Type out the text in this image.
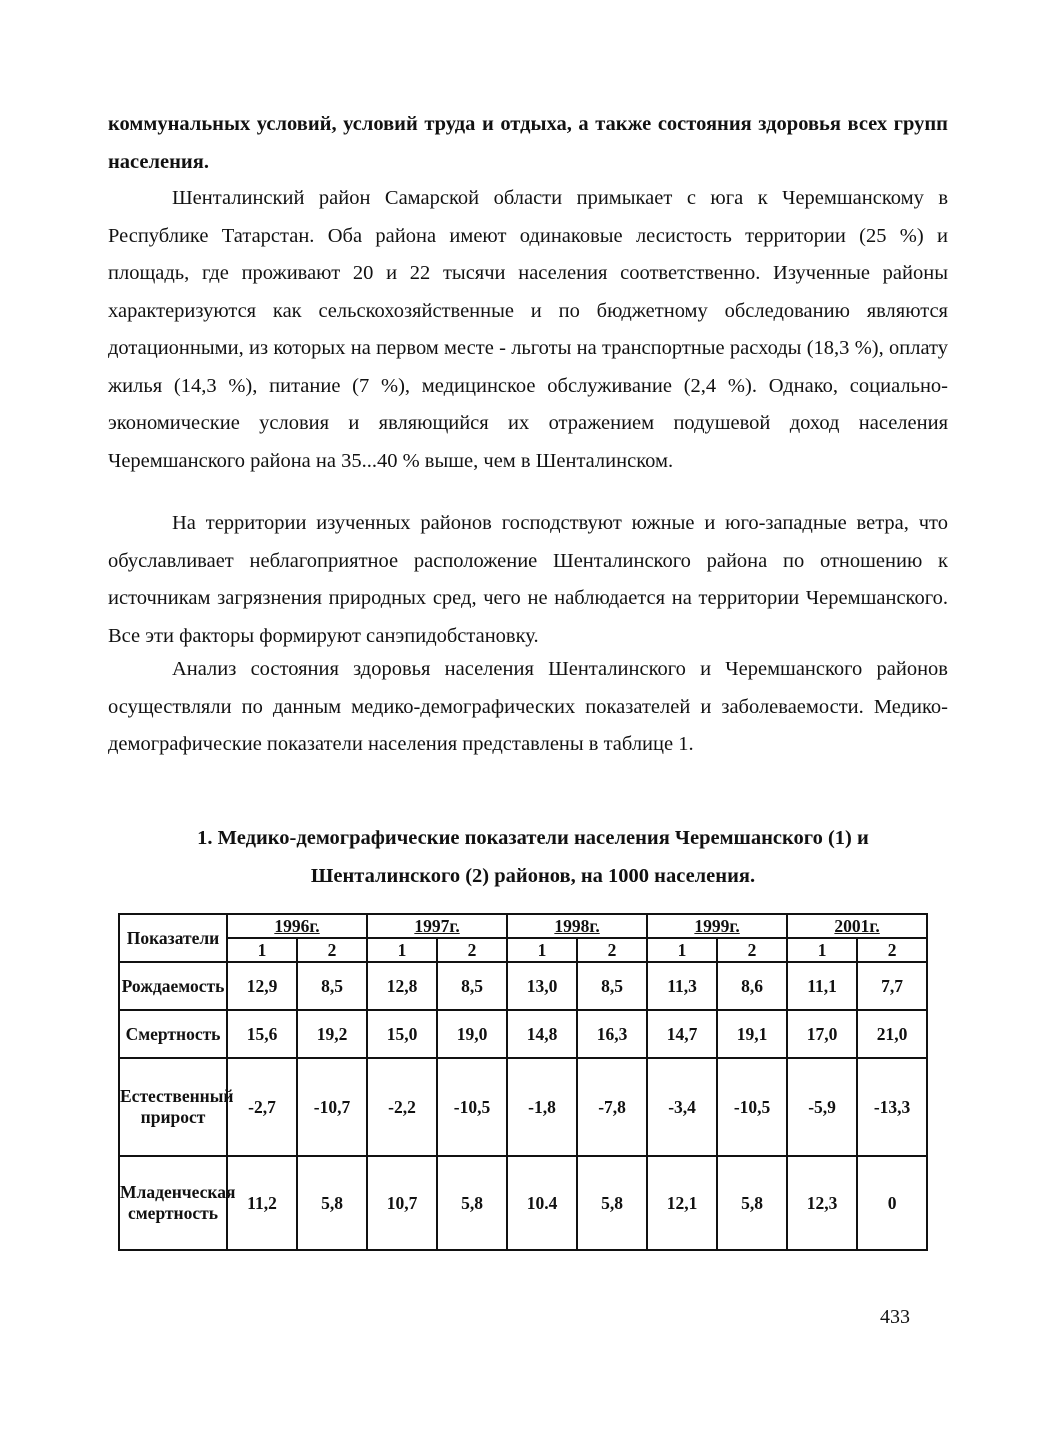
коммунальных условий, условий труда и отдыха, а также состояния здоровья всех групп населения.

Шенталинский район Самарской области примыкает с юга к Черемшанскому в Республике Татарстан. Оба района имеют одинаковые лесистость территории (25 %) и площадь, где проживают 20 и 22 тысячи населения соответственно. Изученные районы характеризуются как сельскохозяйственные и по бюджетному обследованию являются дотационными, из которых на первом месте - льготы на транспортные расходы (18,3 %), оплату жилья (14,3 %), питание (7 %), медицинское обслуживание (2,4 %). Однако, социально-экономические условия и являющийся их отражением подушевой доход населения Черемшанского района на 35...40 % выше, чем в Шенталинском.

На территории изученных районов господствуют южные и юго-западные ветра, что обуславливает неблагоприятное расположение Шенталинского района по отношению к источникам загрязнения природных сред, чего не наблюдается на территории Черемшанского. Все эти факторы формируют санэпидобстановку.

Анализ состояния здоровья населения Шенталинского и Черемшанского районов осуществляли по данным медико-демографических показателей и заболеваемости. Медико-демографические показатели населения представлены в таблице 1.

1. Медико-демографические показатели населения Черемшанского (1) и
Шенталинского (2) районов, на 1000 населения.
Показатели	1996г.		1997г.		1998г.		1999г.		2001г.	
	1	2	1	2	1	2	1	2	1	2
Рождаемость	12,9	8,5	12,8	8,5	13,0	8,5	11,3	8,6	11,1	7,7
Смертность	15,6	19,2	15,0	19,0	14,8	16,3	14,7	19,1	17,0	21,0
Естественный прирост	-2,7	-10,7	-2,2	-10,5	-1,8	-7,8	-3,4	-10,5	-5,9	-13,3
Младенческая смертность	11,2	5,8	10,7	5,8	10.4	5,8	12,1	5,8	12,3	0
433
